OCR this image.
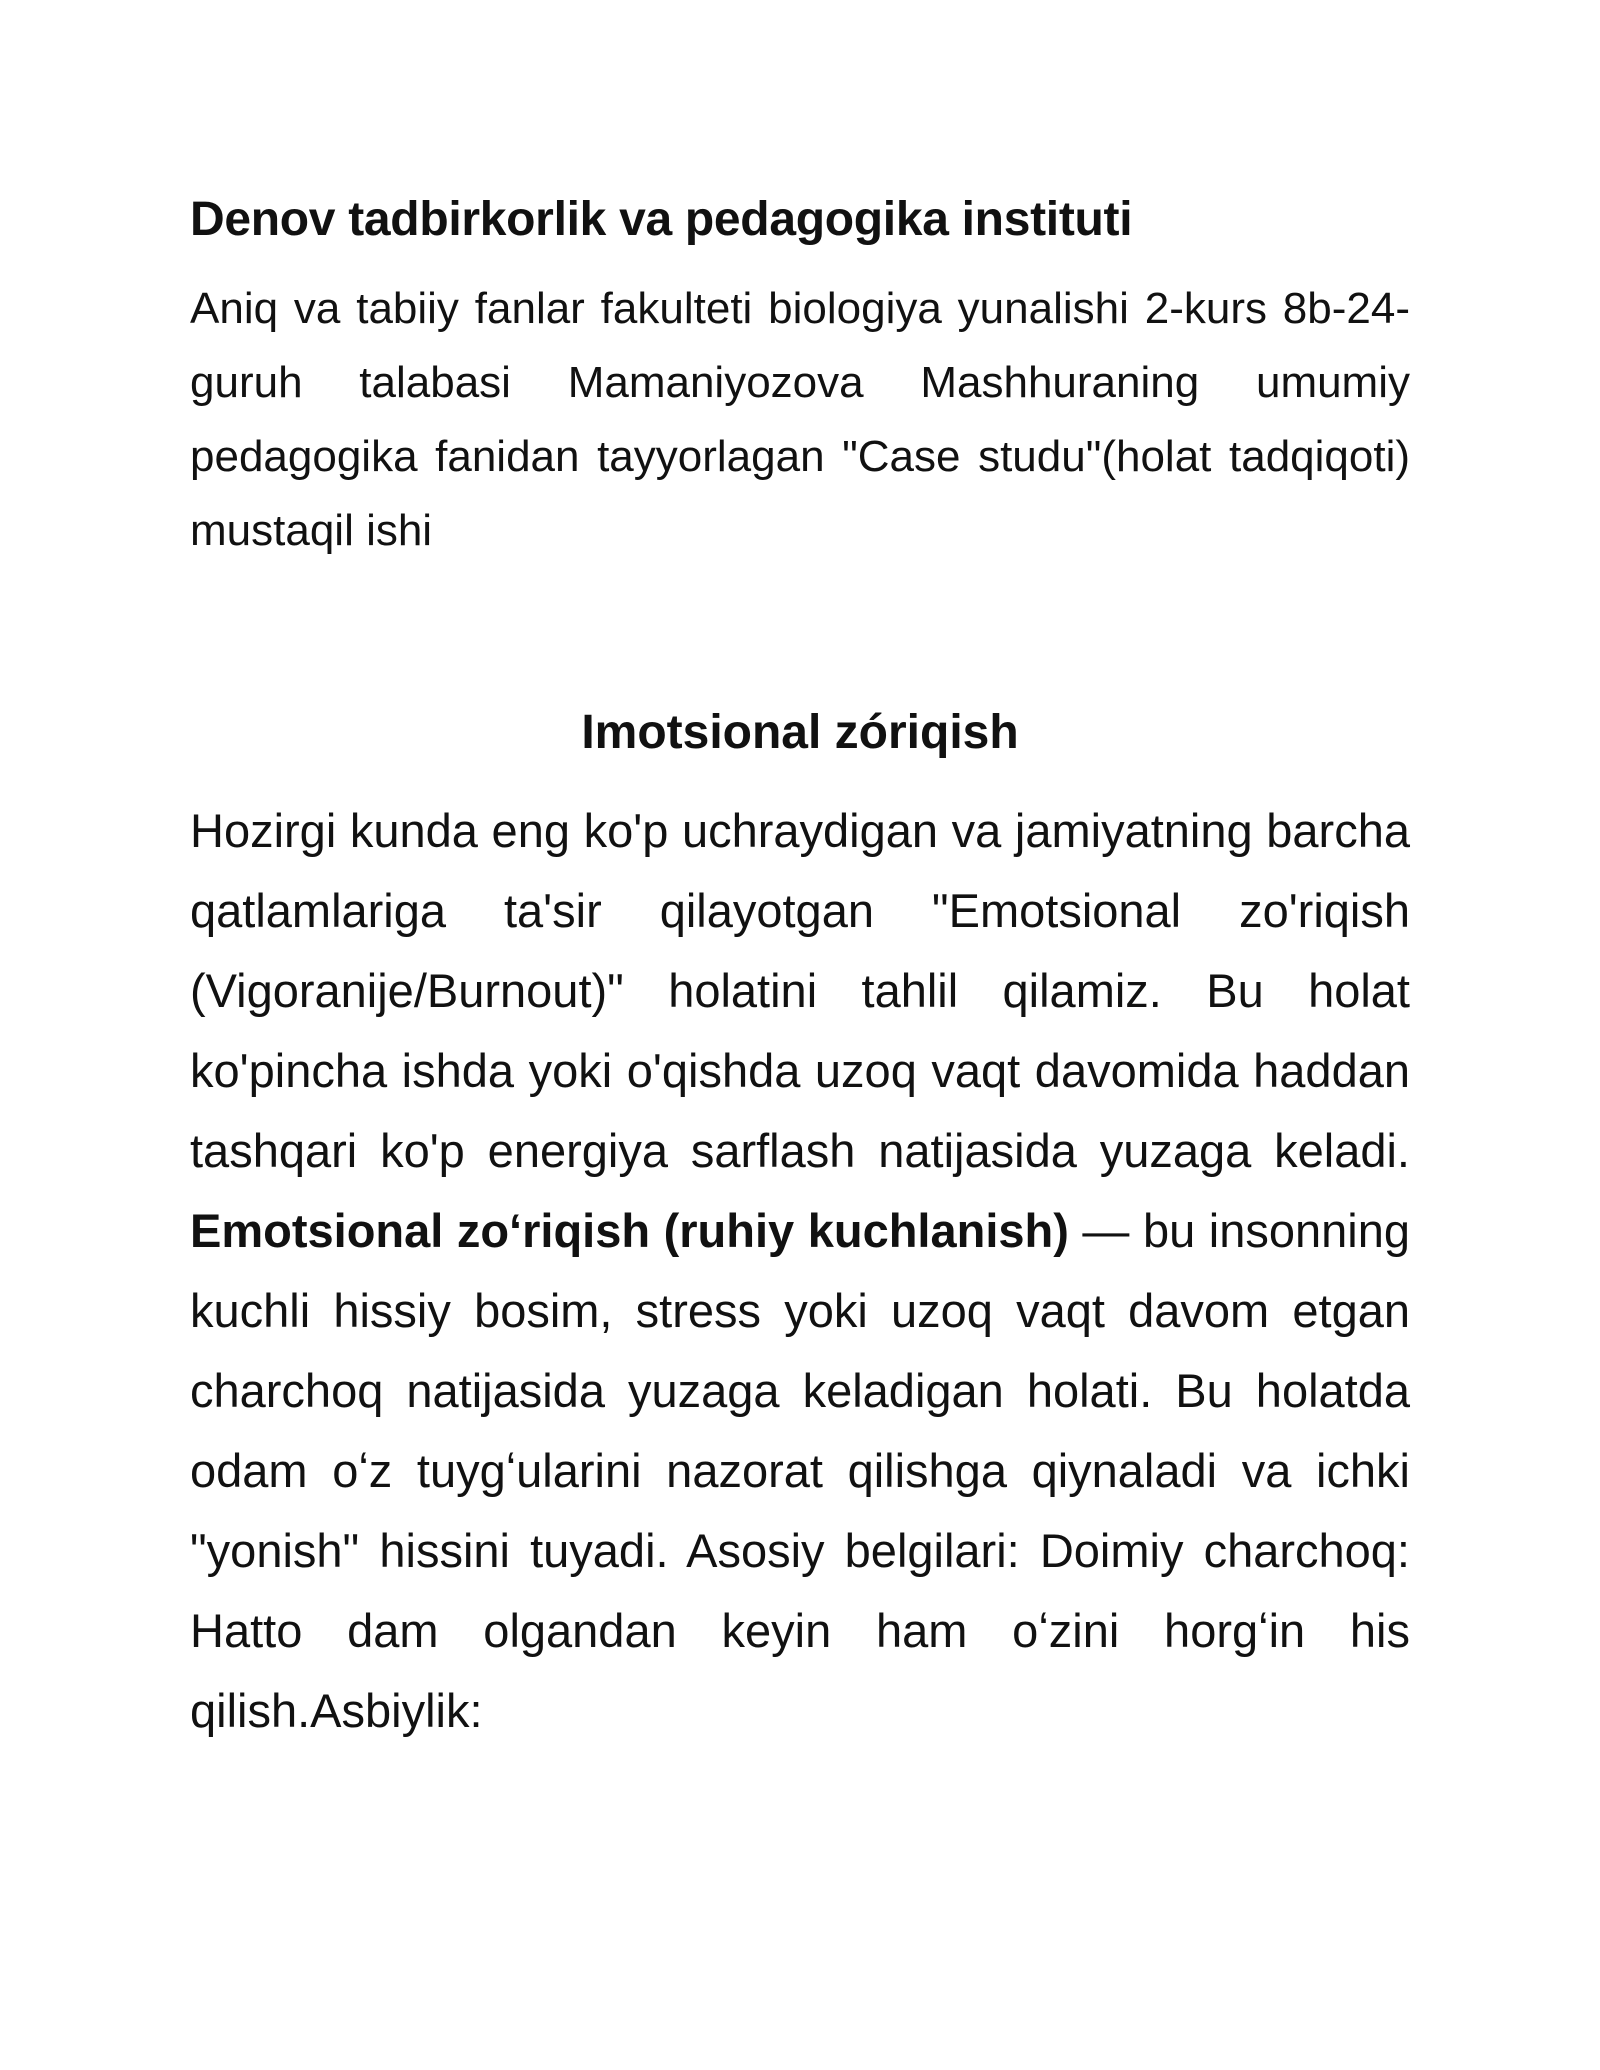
Denov tadbirkorlik va pedagogika instituti

Aniq va tabiiy fanlar fakulteti biologiya yunalishi 2-kurs 8b-24-guruh talabasi Mamaniyozova Mashhuraning umumiy pedagogika fanidan tayyorlagan "Case studu"(holat tadqiqoti) mustaqil ishi

Imotsional zóriqish

Hozirgi kunda eng ko'p uchraydigan va jamiyatning barcha qatlamlariga ta'sir qilayotgan "Emotsional zo'riqish (Vigoranije/Burnout)" holatini tahlil qilamiz. Bu holat ko'pincha ishda yoki o'qishda uzoq vaqt davomida haddan tashqari ko'p energiya sarflash natijasida yuzaga keladi. Emotsional zoʻriqish (ruhiy kuchlanish) — bu insonning kuchli hissiy bosim, stress yoki uzoq vaqt davom etgan charchoq natijasida yuzaga keladigan holati. Bu holatda odam oʻz tuygʻularini nazorat qilishga qiynaladi va ichki "yonish" hissini tuyadi. Asosiy belgilari: Doimiy charchoq: Hatto dam olgandan keyin ham oʻzini horgʻin his qilish.Asbiylik:
